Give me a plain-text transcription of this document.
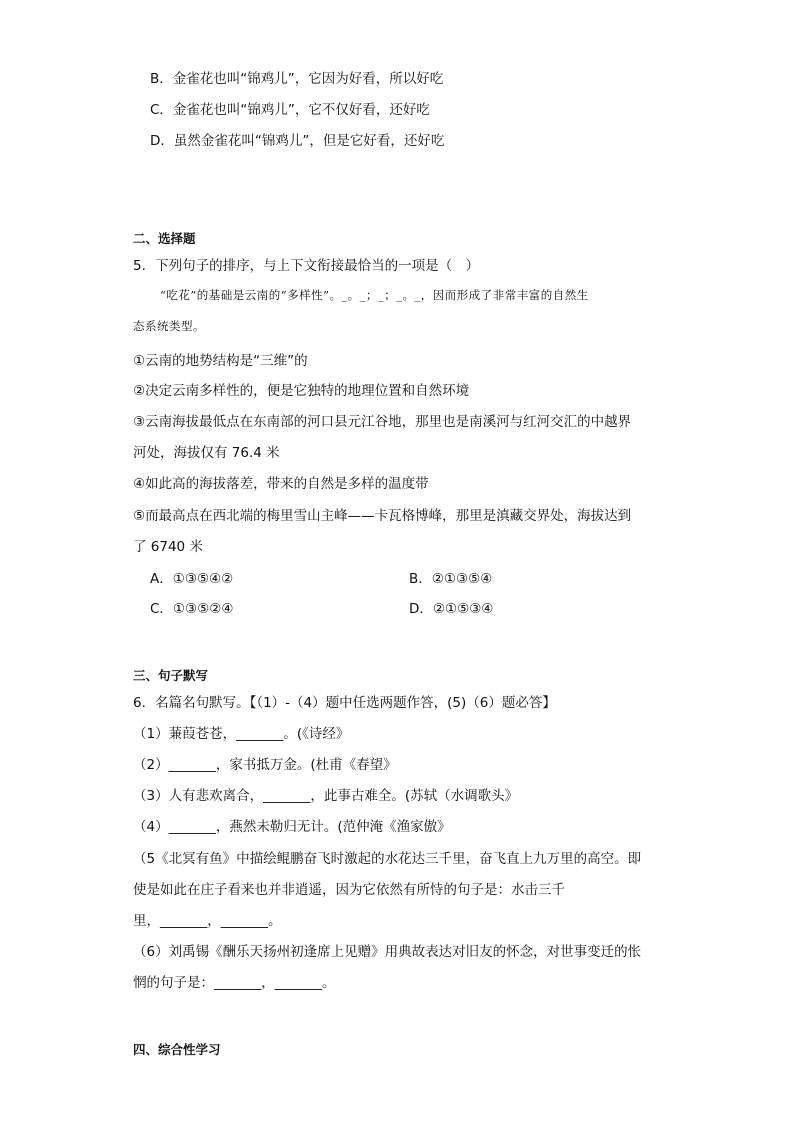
B．金雀花也叫“锦鸡儿”，它因为好看，所以好吃
C．金雀花也叫“锦鸡儿”，它不仅好看，还好吃
D．虽然金雀花叫“锦鸡儿”，但是它好看，还好吃
二、选择题
5．下列句子的排序，与上下文衔接最恰当的一项是（　）
“吃花”的基础是云南的“多样性”。_。_；_；_。_，因而形成了非常丰富的自然生
态系统类型。
①云南的地势结构是“三维”的
②决定云南多样性的，便是它独特的地理位置和自然环境
③云南海拔最低点在东南部的河口县元江谷地，那里也是南溪河与红河交汇的中越界
河处，海拔仅有 76.4 米
④如此高的海拔落差，带来的自然是多样的温度带
⑤而最高点在西北端的梅里雪山主峰——卡瓦格博峰，那里是滇藏交界处，海拔达到
了 6740 米
A．①③⑤④②	B．②①③⑤④
C．①③⑤②④	D．②①⑤③④
三、句子默写
6．名篇名句默写。【（1）-（4）题中任选两题作答，(5)（6）题必答】
（1）蒹葭苍苍，_______。(《诗经》
（2）_______，家书抵万金。(杜甫《春望》
（3）人有悲欢离合，_______，此事古难全。(苏轼（水调歌头》
（4）_______，燕然未勒归无计。(范仲淹《渔家傲》
（5《北冥有鱼》中描绘鲲鹏奋飞时激起的水花达三千里，奋飞直上九万里的高空。即
使是如此在庄子看来也并非逍遥，因为它依然有所恃的句子是：水击三千
里，_______，_______。
（6）刘禹锡《酬乐天扬州初逢席上见赠》用典故表达对旧友的怀念，对世事变迁的怅
惘的句子是：_______，_______。
四、综合性学习
